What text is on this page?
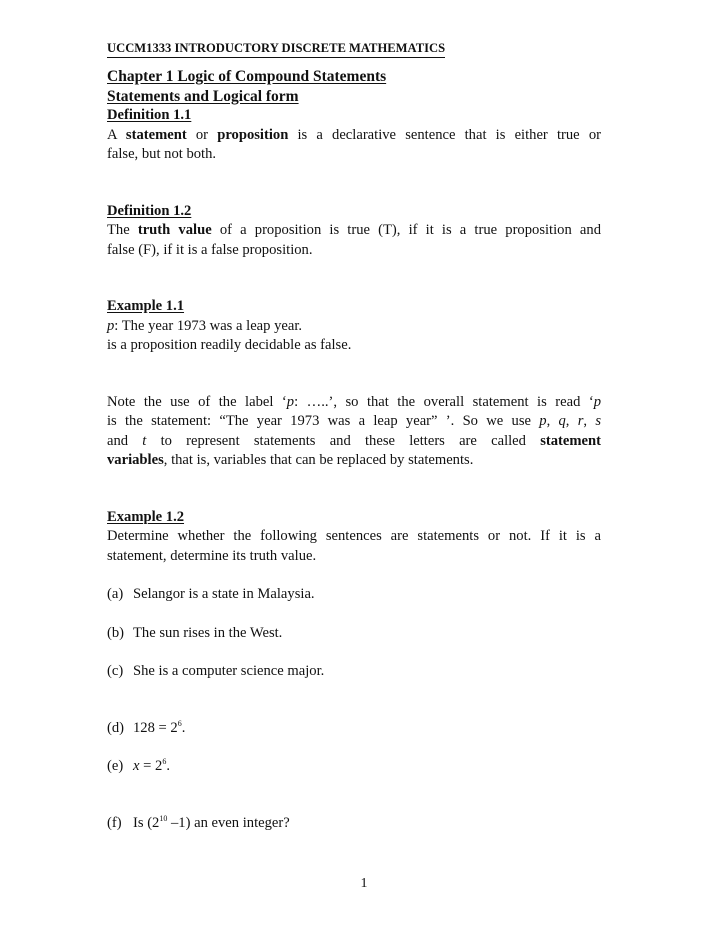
UCCM1333 INTRODUCTORY DISCRETE MATHEMATICS
Chapter 1 Logic of Compound Statements
Statements and Logical form
Definition 1.1
A statement or proposition is a declarative sentence that is either true or
false, but not both.
Definition 1.2
The truth value of a proposition is true (T), if it is a true proposition and
false (F), if it is a false proposition.
Example 1.1
p: The year 1973 was a leap year.
is a proposition readily decidable as false.
Note the use of the label ‘p: …..’, so that the overall statement is read ‘p
is the statement: “The year 1973 was a leap year” ’. So we use p, q, r, s
and t to represent statements and these letters are called statement
variables, that is, variables that can be replaced by statements.
Example 1.2
Determine whether the following sentences are statements or not. If it is a
statement, determine its truth value.
(a) Selangor is a state in Malaysia.
(b) The sun rises in the West.
(c) She is a computer science major.
(d) $128 = 2^6$.
(e) $x = 2^6$.
(f) Is ($2^{10}$ –1) an even integer?
1
